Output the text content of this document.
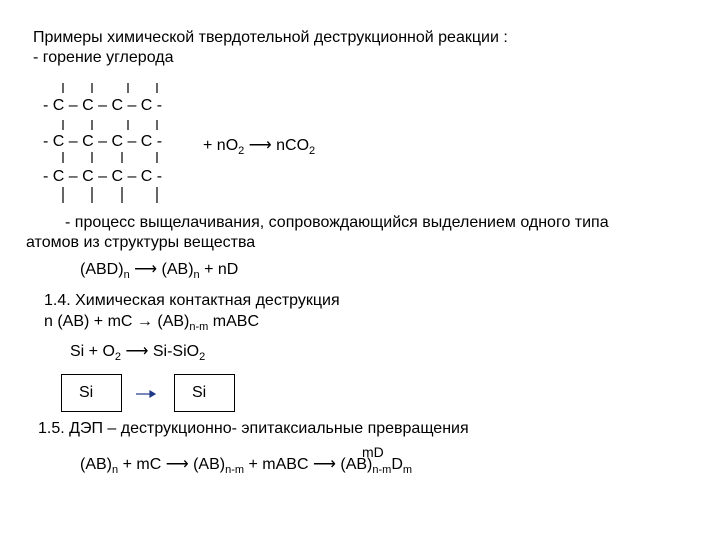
Примеры химической твердотельной деструкционной реакции :
- горение углерода
- C – C – C – C -
- C – C – C – C -
- C – C – C – C -
+ $nO_2$ ⟶ nCO$_2$
- процесс выщелачивания, сопровождающийся выделением одного типа
атомов из структуры вещества
$(ABD)_n$ ⟶ $(AB)_n$ + nD
1.4. Химическая контактная деструкция
n (AB) + mC → $(AB)_{n-m}$ mABC
$Si + O_2$ ⟶ Si-SiO$_2$
Si	Si
1.5. ДЭП – деструкционно- эпитаксиальные превращения
mD
$(AB)_n$ + mC ⟶ $(AB)_{n-m}$ + mABC ⟶ $(AB)_{n-m}D_m$
